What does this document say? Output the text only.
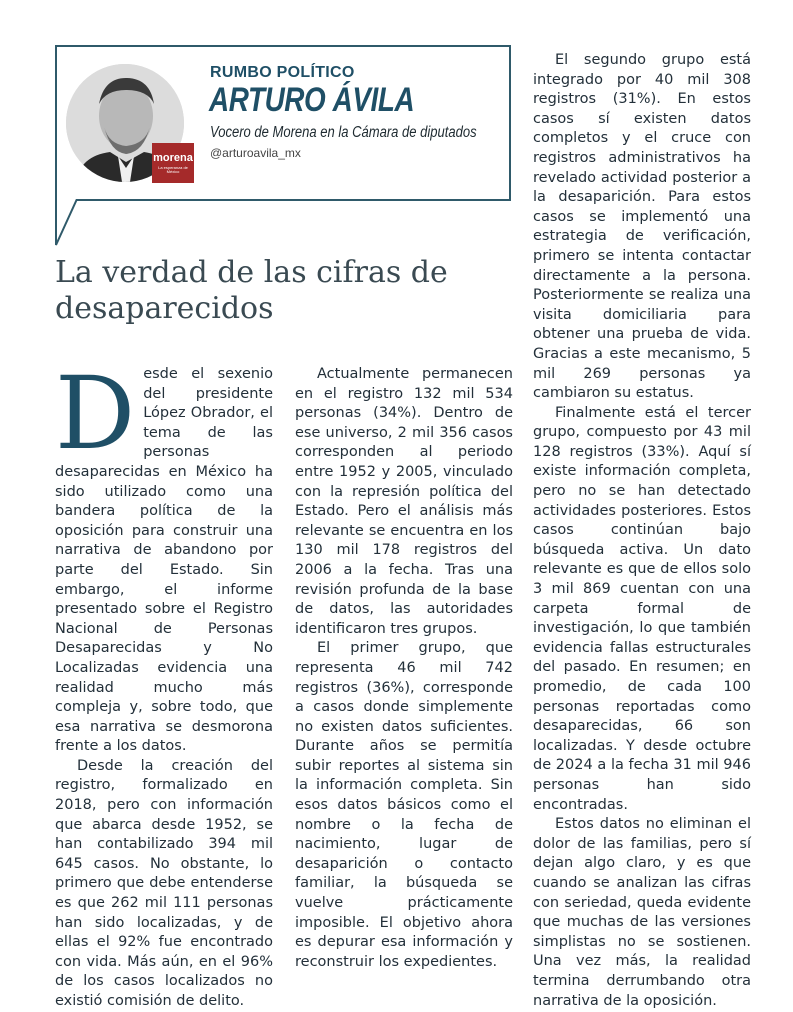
morena
La esperanza de México
RUMBO POLÍTICO
ARTURO ÁVILA
Vocero de Morena en la Cámara de diputados
@arturoavila_mx
La verdad de las cifras de desaparecidos
D esde el sexenio del presidente López Obrador, el tema de las personas desaparecidas en México ha sido utilizado como una bandera política de la oposición para construir una narrativa de abandono por parte del Estado. Sin embargo, el informe presentado sobre el Registro Nacional de Personas Desaparecidas y No Localizadas evidencia una realidad mucho más compleja y, sobre todo, que esa narrativa se desmorona frente a los datos.

Desde la creación del registro, formalizado en 2018, pero con información que abarca desde 1952, se han contabilizado 394 mil 645 casos. No obstante, lo primero que debe entenderse es que 262 mil 111 personas han sido localizadas, y de ellas el 92% fue encontrado con vida. Más aún, en el 96% de los casos localizados no existió comisión de delito.

Actualmente permanecen en el registro 132 mil 534 personas (34%). Dentro de ese universo, 2 mil 356 casos corresponden al periodo entre 1952 y 2005, vinculado con la represión política del Estado. Pero el análisis más relevante se encuentra en los 130 mil 178 registros del 2006 a la fecha. Tras una revisión profunda de la base de datos, las autoridades identificaron tres grupos.

El primer grupo, que representa 46 mil 742 registros (36%), corresponde a casos donde simplemente no existen datos suficientes. Durante años se permitía subir reportes al sistema sin la información completa. Sin esos datos básicos como el nombre o la fecha de nacimiento, lugar de desaparición o contacto familiar, la búsqueda se vuelve prácticamente imposible. El objetivo ahora es depurar esa información y reconstruir los expedientes.

El segundo grupo está integrado por 40 mil 308 registros (31%). En estos casos sí existen datos completos y el cruce con registros administrativos ha revelado actividad posterior a la desaparición. Para estos casos se implementó una estrategia de verificación, primero se intenta contactar directamente a la persona. Posteriormente se realiza una visita domiciliaria para obtener una prueba de vida. Gracias a este mecanismo, 5 mil 269 personas ya cambiaron su estatus.

Finalmente está el tercer grupo, compuesto por 43 mil 128 registros (33%). Aquí sí existe información completa, pero no se han detectado actividades posteriores. Estos casos continúan bajo búsqueda activa. Un dato relevante es que de ellos solo 3 mil 869 cuentan con una carpeta formal de investigación, lo que también evidencia fallas estructurales del pasado. En resumen; en promedio, de cada 100 personas reportadas como desaparecidas, 66 son localizadas. Y desde octubre de 2024 a la fecha 31 mil 946 personas han sido encontradas.

Estos datos no eliminan el dolor de las familias, pero sí dejan algo claro, y es que cuando se analizan las cifras con seriedad, queda evidente que muchas de las versiones simplistas no se sostienen. Una vez más, la realidad termina derrumbando otra narrativa de la oposición.
